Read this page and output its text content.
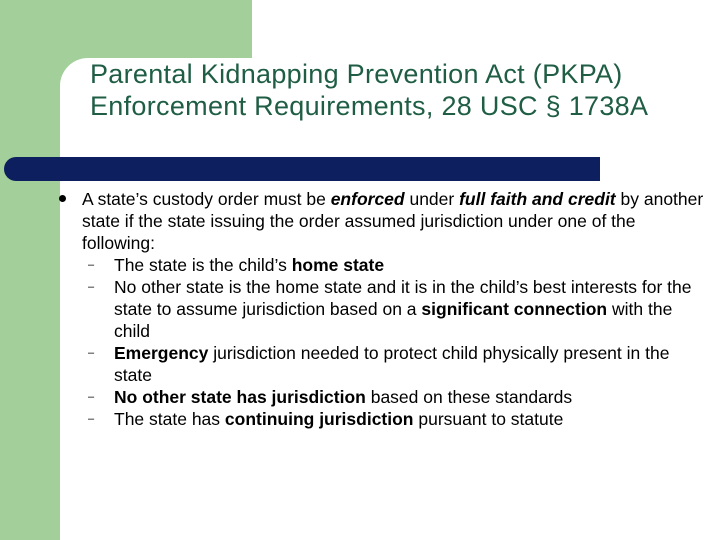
Parental Kidnapping Prevention Act (PKPA) Enforcement Requirements, 28 USC § 1738A
A state’s custody order must be enforced under full faith and credit by another state if the state issuing the order assumed jurisdiction under one of the following:
– The state is the child’s home state
– No other state is the home state and it is in the child’s best interests for the state to assume jurisdiction based on a significant connection with the child
– Emergency jurisdiction needed to protect child physically present in the state
– No other state has jurisdiction based on these standards
– The state has continuing jurisdiction pursuant to statute
